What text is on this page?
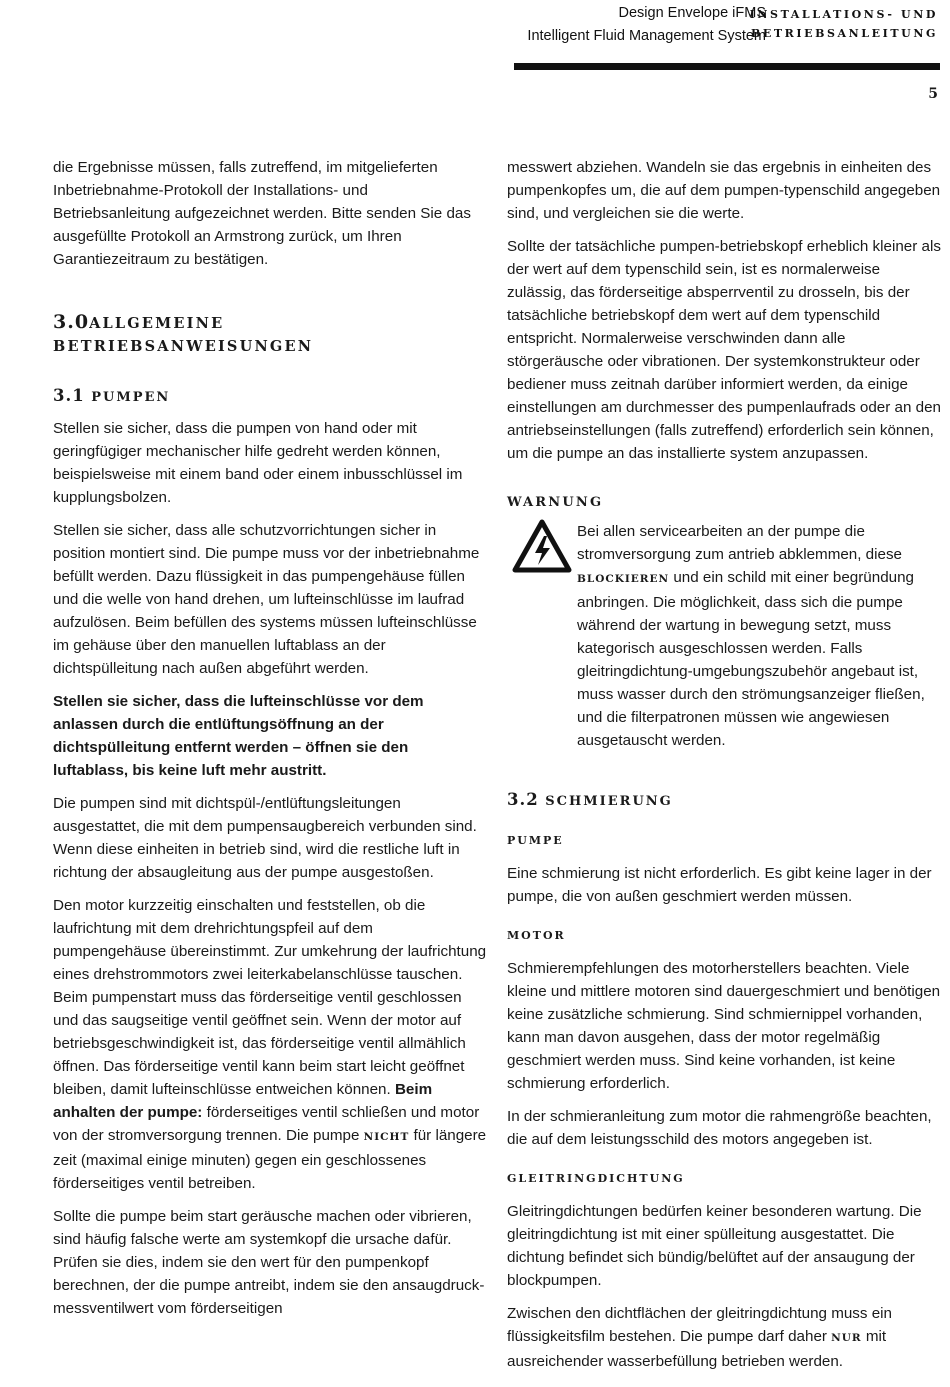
Design Envelope iFMS
Intelligent Fluid Management System
INSTALLATIONS- UND
BETRIEBSANLEITUNG
5

die Ergebnisse müssen, falls zutreffend, im mitgelieferten Inbetriebnahme-Protokoll der Installations- und Betriebsanleitung aufgezeichnet werden. Bitte senden Sie das ausgefüllte Protokoll an Armstrong zurück, um Ihren Garantiezeitraum zu bestätigen.

3.0ALLGEMEINE BETRIEBSANWEISUNGEN
3.1 PUMPEN

Stellen sie sicher, dass die pumpen von hand oder mit geringfügiger mechanischer hilfe gedreht werden können, beispielsweise mit einem band oder einem inbusschlüssel im kupplungsbolzen.

Stellen sie sicher, dass alle schutzvorrichtungen sicher in position montiert sind. Die pumpe muss vor der inbetriebnahme befüllt werden. Dazu flüssigkeit in das pumpengehäuse füllen und die welle von hand drehen, um lufteinschlüsse im laufrad aufzulösen. Beim befüllen des systems müssen lufteinschlüsse im gehäuse über den manuellen luftablass an der dichtspülleitung nach außen abgeführt werden.

Stellen sie sicher, dass die lufteinschlüsse vor dem anlassen durch die entlüftungsöffnung an der dichtspülleitung entfernt werden – öffnen sie den luftablass, bis keine luft mehr austritt.

Die pumpen sind mit dichtspül-/entlüftungsleitungen ausgestattet, die mit dem pumpensaugbereich verbunden sind. Wenn diese einheiten in betrieb sind, wird die restliche luft in richtung der absaugleitung aus der pumpe ausgestoßen.

Den motor kurzzeitig einschalten und feststellen, ob die laufrichtung mit dem drehrichtungspfeil auf dem pumpengehäuse übereinstimmt. Zur umkehrung der laufrichtung eines drehstrommotors zwei leiterkabelanschlüsse tauschen. Beim pumpenstart muss das förderseitige ventil geschlossen und das saugseitige ventil geöffnet sein. Wenn der motor auf betriebsgeschwindigkeit ist, das förderseitige ventil allmählich öffnen. Das förderseitige ventil kann beim start leicht geöffnet bleiben, damit lufteinschlüsse entweichen können. Beim anhalten der pumpe: förderseitiges ventil schließen und motor von der stromversorgung trennen. Die pumpe NICHT für längere zeit (maximal einige minuten) gegen ein geschlossenes förderseitiges ventil betreiben.

Sollte die pumpe beim start geräusche machen oder vibrieren, sind häufig falsche werte am systemkopf die ursache dafür. Prüfen sie dies, indem sie den wert für den pumpenkopf berechnen, der die pumpe antreibt, indem sie den ansaugdruck-messventilwert vom förderseitigen

messwert abziehen. Wandeln sie das ergebnis in einheiten des pumpenkopfes um, die auf dem pumpen-typenschild angegeben sind, und vergleichen sie die werte.

Sollte der tatsächliche pumpen-betriebskopf erheblich kleiner als der wert auf dem typenschild sein, ist es normalerweise zulässig, das förderseitige absperrventil zu drosseln, bis der tatsächliche betriebskopf dem wert auf dem typenschild entspricht. Normalerweise verschwinden dann alle störgeräusche oder vibrationen. Der systemkonstrukteur oder bediener muss zeitnah darüber informiert werden, da einige einstellungen am durchmesser des pumpenlaufrads oder an den antriebseinstellungen (falls zutreffend) erforderlich sein können, um die pumpe an das installierte system anzupassen.

WARNUNG

Bei allen servicearbeiten an der pumpe die stromversorgung zum antrieb abklemmen, diese BLOCKIEREN und ein schild mit einer begründung anbringen. Die möglichkeit, dass sich die pumpe während der wartung in bewegung setzt, muss kategorisch ausgeschlossen werden. Falls gleitringdichtung-umgebungszubehör angebaut ist, muss wasser durch den strömungsanzeiger fließen, und die filterpatronen müssen wie angewiesen ausgetauscht werden.

3.2 SCHMIERUNG
PUMPE

Eine schmierung ist nicht erforderlich. Es gibt keine lager in der pumpe, die von außen geschmiert werden müssen.

MOTOR

Schmierempfehlungen des motorherstellers beachten. Viele kleine und mittlere motoren sind dauergeschmiert und benötigen keine zusätzliche schmierung. Sind schmiernippel vorhanden, kann man davon ausgehen, dass der motor regelmäßig geschmiert werden muss. Sind keine vorhanden, ist keine schmierung erforderlich.

In der schmieranleitung zum motor die rahmengröße beachten, die auf dem leistungsschild des motors angegeben ist.

GLEITRINGDICHTUNG

Gleitringdichtungen bedürfen keiner besonderen wartung. Die gleitringdichtung ist mit einer spülleitung ausgestattet. Die dichtung befindet sich bündig/belüftet auf der ansaugung der blockpumpen.

Zwischen den dichtflächen der gleitringdichtung muss ein flüssigkeitsfilm bestehen. Die pumpe darf daher NUR mit ausreichender wasserbefüllung betrieben werden.
